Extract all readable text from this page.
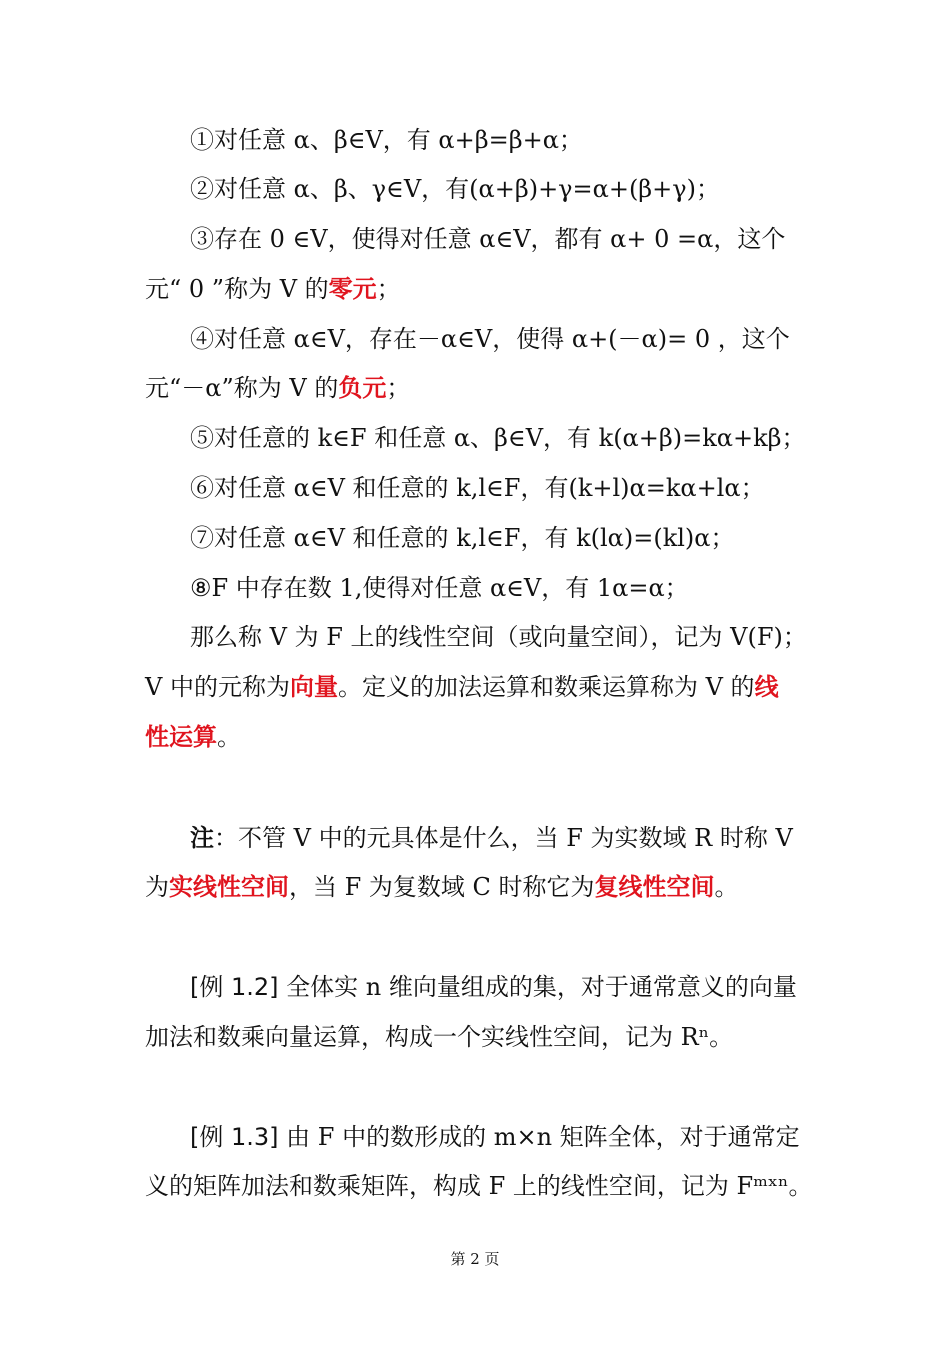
①对任意 α、β∈V，有 α+β=β+α；
②对任意 α、β、γ∈V，有(α+β)+γ=α+(β+γ)；
③存在 0 ∈V，使得对任意 α∈V，都有 α+ 0 =α，这个
元“ 0 ”称为 V 的零元；
④对任意 α∈V，存在－α∈V，使得 α+(－α)= 0 ，这个
元“－α”称为 V 的负元；
⑤对任意的 k∈F 和任意 α、β∈V，有 k(α+β)=kα+kβ；
⑥对任意 α∈V 和任意的 k,l∈F，有(k+l)α=kα+lα；
⑦对任意 α∈V 和任意的 k,l∈F，有 k(lα)=(kl)α；
⑧F 中存在数 1,使得对任意 α∈V，有 1α=α；
那么称 V 为 F 上的线性空间（或向量空间），记为 V(F)；
V 中的元称为向量。定义的加法运算和数乘运算称为 V 的线
性运算。
注：不管 V 中的元具体是什么，当 F 为实数域 R 时称 V
为实线性空间，当 F 为复数域 C 时称它为复线性空间。
[例 1.2] 全体实 n 维向量组成的集，对于通常意义的向量
加法和数乘向量运算，构成一个实线性空间，记为 Rⁿ。
[例 1.3] 由 F 中的数形成的 m×n 矩阵全体，对于通常定
义的矩阵加法和数乘矩阵，构成 F 上的线性空间，记为 Fᵐˣⁿ。
第 2 页
